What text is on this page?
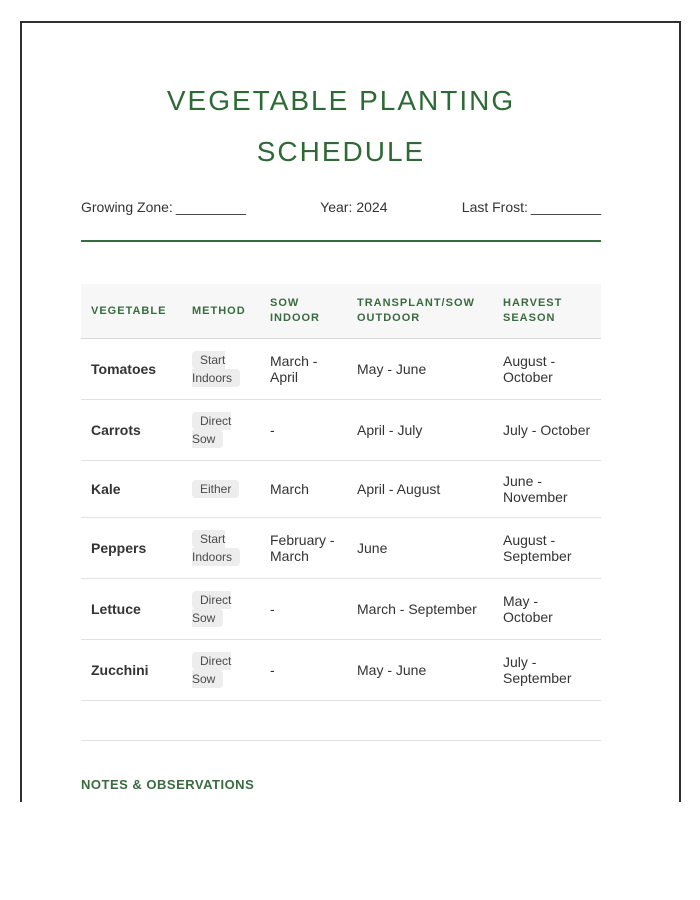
VEGETABLE PLANTING SCHEDULE
Growing Zone: _________	Year: 2024	Last Frost: _________
VEGETABLE	METHOD	SOW INDOOR	TRANSPLANT/SOW OUTDOOR	HARVEST SEASON
Tomatoes	Start Indoors	March - April	May - June	August - October
Carrots	Direct Sow	-	April - July	July - October
Kale	Either	March	April - August	June - November
Peppers	Start Indoors	February - March	June	August - September
Lettuce	Direct Sow	-	March - September	May - October
Zucchini	Direct Sow	-	May - June	July - September

NOTES & OBSERVATIONS
